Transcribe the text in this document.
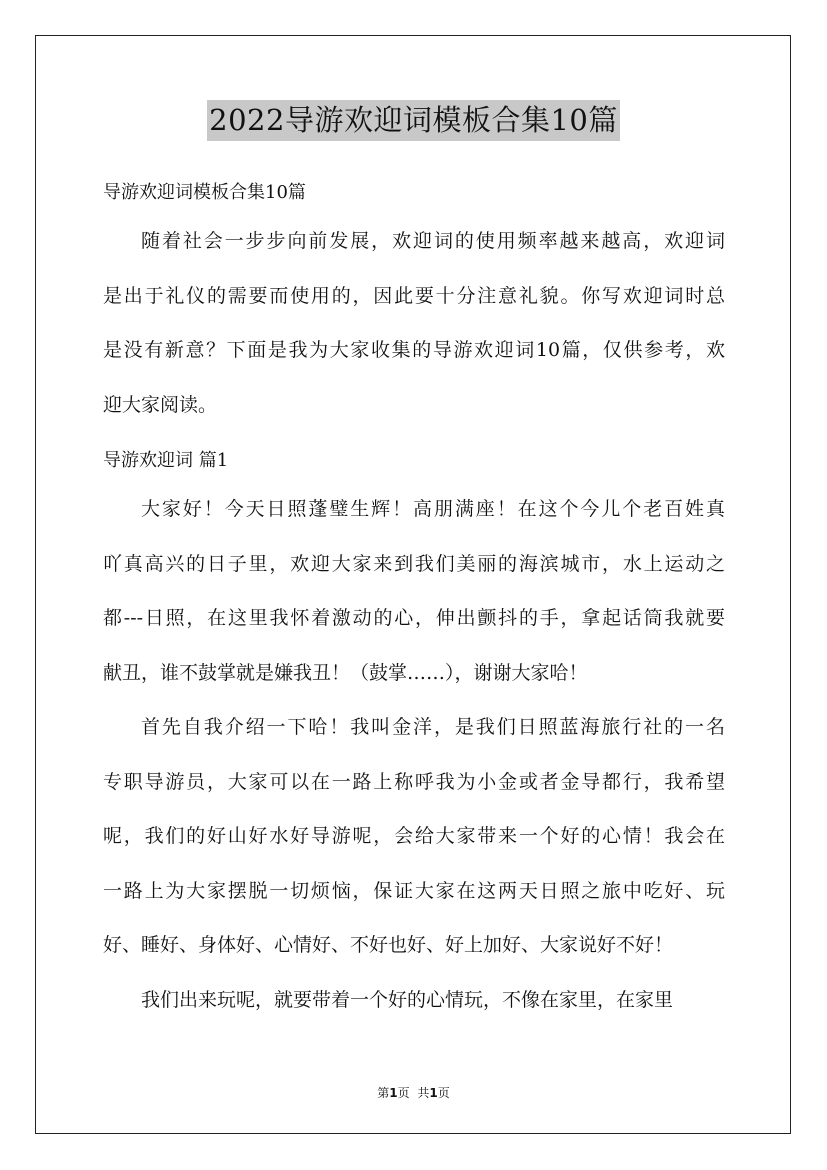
2022导游欢迎词模板合集10篇
导游欢迎词模板合集10篇
随着社会一步步向前发展，欢迎词的使用频率越来越高，欢迎词
是出于礼仪的需要而使用的，因此要十分注意礼貌。你写欢迎词时总
是没有新意？下面是我为大家收集的导游欢迎词10篇，仅供参考，欢
迎大家阅读。
导游欢迎词 篇1
大家好！今天日照蓬璧生辉！高朋满座！在这个今儿个老百姓真
吖真高兴的日子里，欢迎大家来到我们美丽的海滨城市，水上运动之
都---日照，在这里我怀着激动的心，伸出颤抖的手，拿起话筒我就要
献丑，谁不鼓掌就是嫌我丑！（鼓掌……），谢谢大家哈！
首先自我介绍一下哈！我叫金洋，是我们日照蓝海旅行社的一名
专职导游员，大家可以在一路上称呼我为小金或者金导都行，我希望
呢，我们的好山好水好导游呢，会给大家带来一个好的心情！我会在
一路上为大家摆脱一切烦恼，保证大家在这两天日照之旅中吃好、玩
好、睡好、身体好、心情好、不好也好、好上加好、大家说好不好！
我们出来玩呢，就要带着一个好的心情玩，不像在家里，在家里
第1页 共1页
